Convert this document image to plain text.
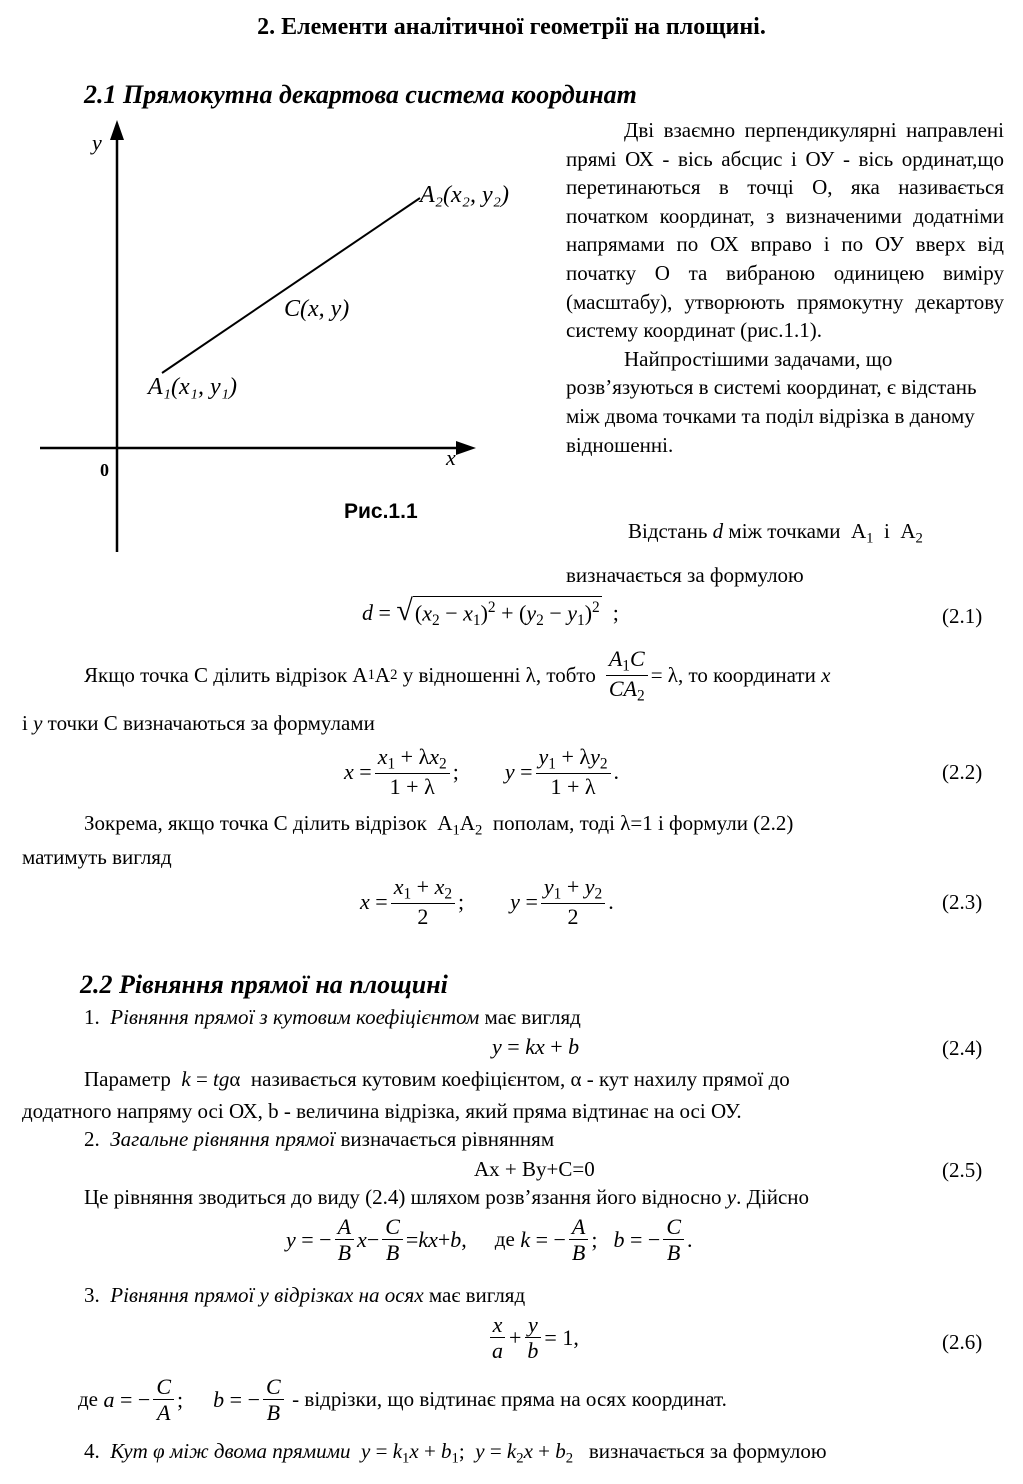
2. Елементи аналітичної геометрії на площині.
2.1 Прямокутна декартова система координат
y
x
0
A₂(x₂, y₂)
C(x, y)
A₁(x₁, y₁)
Рис.1.1

Дві взаємно перпендикулярні направлені прямі ОХ - вісь абсцис і ОУ - вісь ординат,що перетинаються в точці О, яка називається початком координат, з визначеними додатніми напрямами по ОХ вправо і по ОУ вверх від початку О та вибраною одиницею виміру (масштабу), утворюють прямокутну декартову систему координат (рис.1.1).

Найпростішими задачами, що розв’язуються в системі координат, є відстань між двома точками та поділ відрізка в даному відношенні.

Відстань d між точками  $A_1$ і  $A_2$
визначається за формулою
$d = √(x_2 - x_1)^2 + (y_2 - y_1)^2$  ;	(2.1)
Якщо точка С ділить відрізок A 1 A 2
у відношенні λ, тобто $\frac{A_1C}{CA_2} = \lambda$ , то координати
x
і y точки С визначаються за формулами
$x = \frac{x_1 + \lambda x_2}{1 + \lambda}$ ; $y = \frac{y_1 + \lambda y_2}{1 + \lambda}$ .	(2.2)
Зокрема, якщо точка С ділить відрізок  $A_1A_2$ пополам, тоді λ=1 і формули (2.2)
матимуть вигляд
$x = \frac{x_1 + x_2}{2}$ ; $y = \frac{y_1 + y_2}{2}$ .	(2.3)
2.2 Рівняння прямої на площині
1. Рівняння прямої з кутовим коефіцієнтом має вигляд
y = kx + b	(2.4)
Параметр k = tgα  називається кутовим коефіцієнтом, α - кут нахилу прямої до
додатного напряму осі ОХ, b - величина відрізка, який пряма відтинає на осі ОУ.
2. Загальне рівняння прямої визначається рівнянням
Ax + By+C=0	(2.5)
Це рівняння зводиться до виду (2.4) шляхом розв’язання його відносно y. Дійсно
y = − $\frac{A}{B}$ $x - \frac{C}{B}$ = kx + b , де
k = − $\frac{A}{B}$ ; b = − $\frac{C}{B}$ .
3. Рівняння прямої у відрізках на осях має вигляд
$\frac{x}{a} + \frac{y}{b} = 1$,	(2.6)
де
a = − $\frac{C}{A}$ ; b = − $\frac{C}{B}$
- відрізки, що відтинає пряма на осях координат.
4. Кут φ між двома прямими $y = k_1x + b_1$;  $y = k_2x + b_2$ визначається за формулою
